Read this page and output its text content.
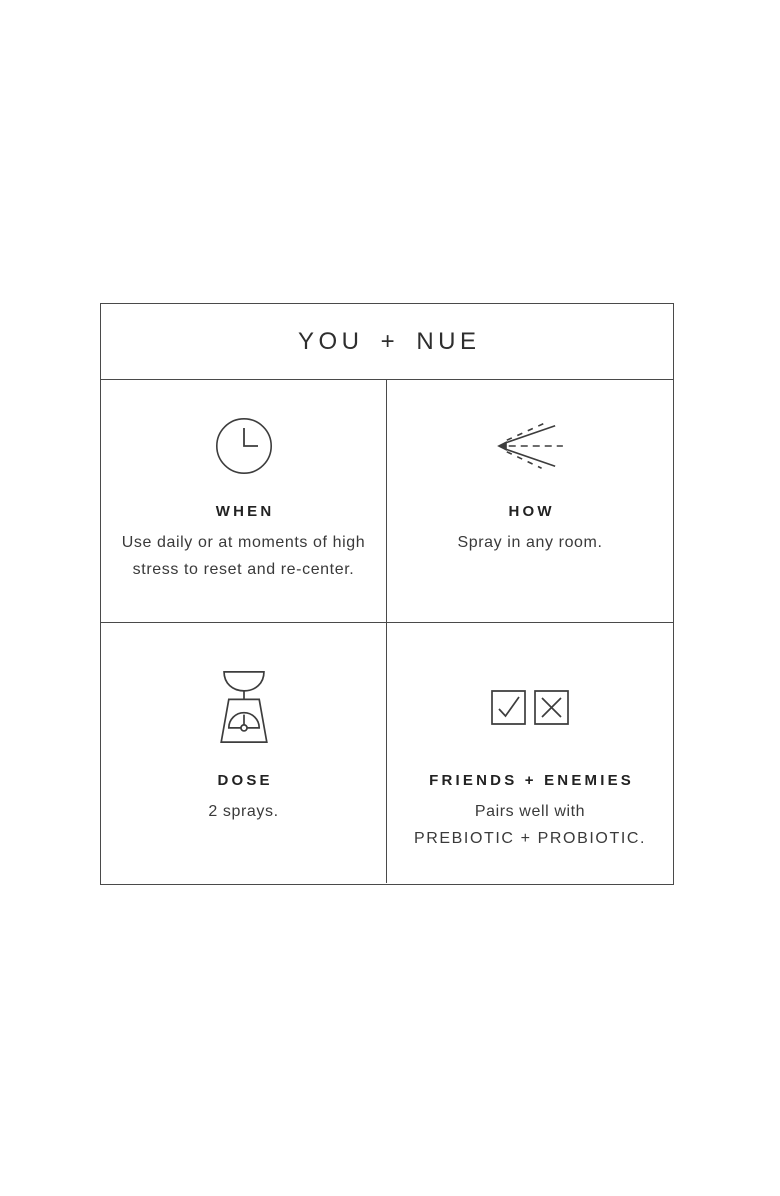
YOU + NUE
WHEN
Use daily or at moments of high
stress to reset and re-center.
HOW
Spray in any room.
DOSE
2 sprays.
FRIENDS + ENEMIES
Pairs well with
PREBIOTIC + PROBIOTIC.
